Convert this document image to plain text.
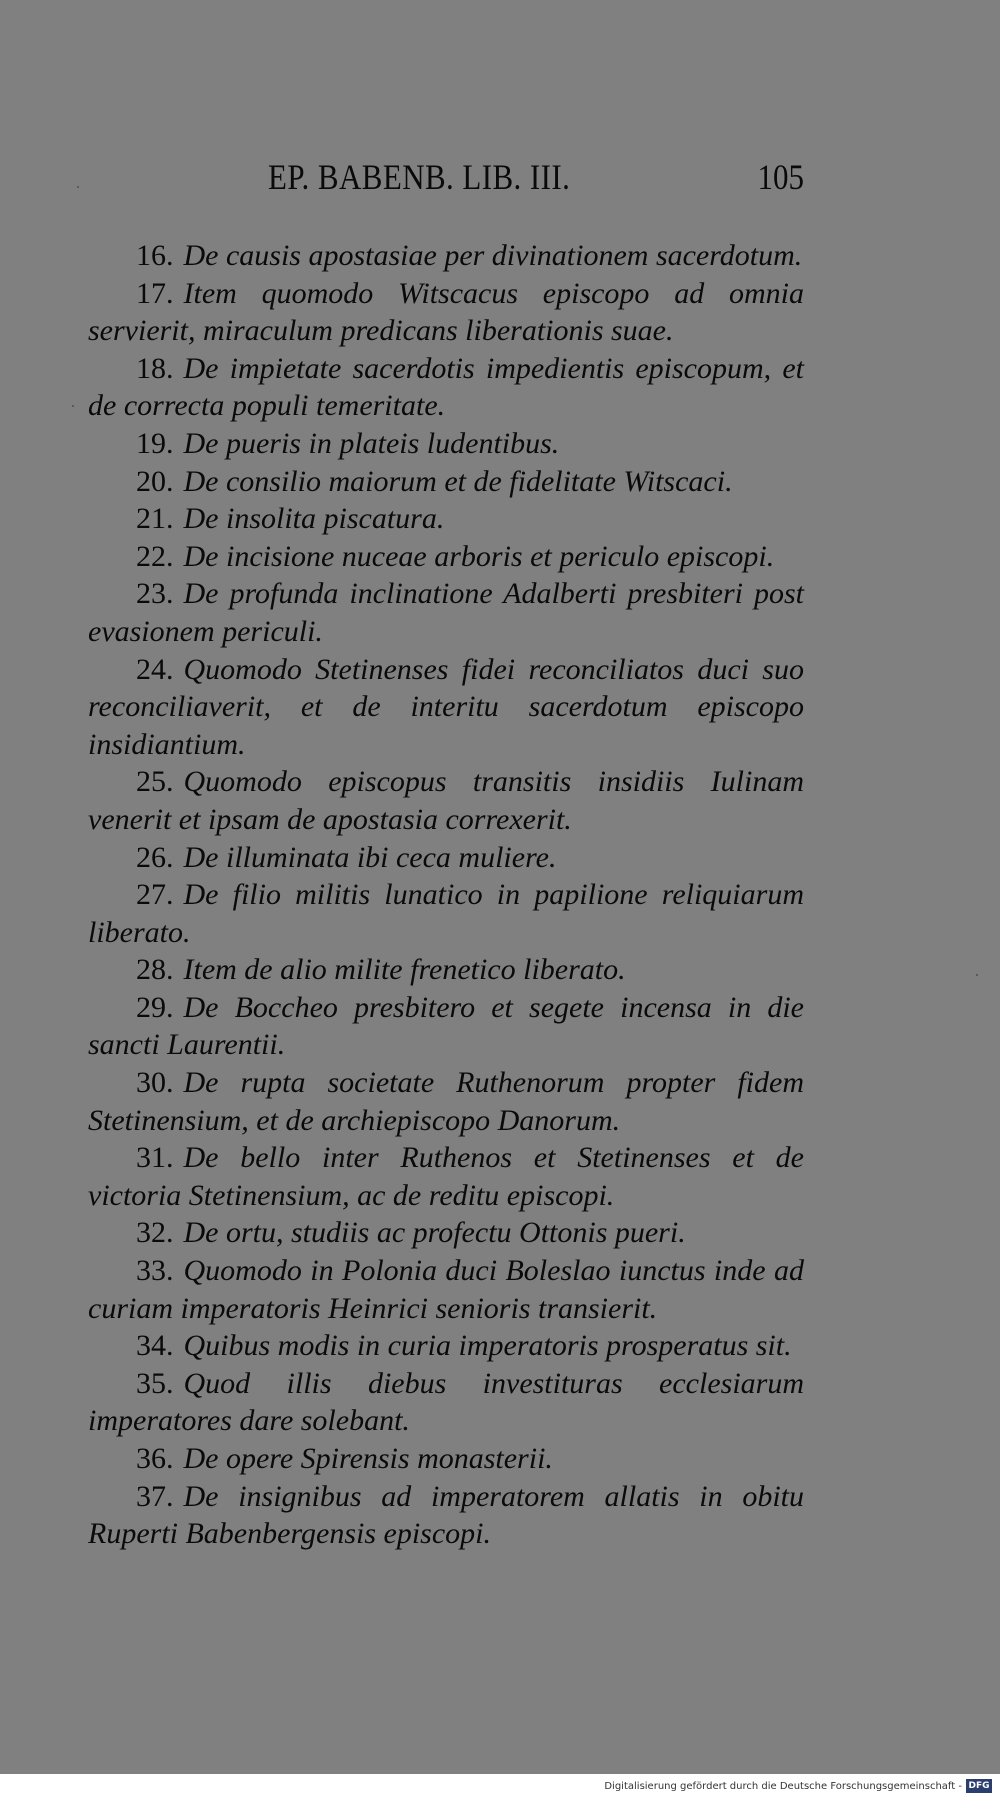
EP. BABENB. LIB. III.	105

16. De causis apostasiae per divinationem sacerdotum.

17. Item quomodo Witscacus episcopo ad omnia servierit, miraculum predicans liberationis suae.

18. De impietate sacerdotis impedientis episcopum, et de correcta populi temeritate.

19. De pueris in plateis ludentibus.

20. De consilio maiorum et de fidelitate Witscaci.

21. De insolita piscatura.

22. De incisione nuceae arboris et periculo episcopi.

23. De profunda inclinatione Adalberti presbiteri post evasionem periculi.

24. Quomodo Stetinenses fidei reconciliatos duci suo reconciliaverit, et de interitu sacerdotum episcopo insidiantium.

25. Quomodo episcopus transitis insidiis Iulinam venerit et ipsam de apostasia correxerit.

26. De illuminata ibi ceca muliere.

27. De filio militis lunatico in papilione reliquiarum liberato.

28. Item de alio milite frenetico liberato.

29. De Boccheo presbitero et segete incensa in die sancti Laurentii.

30. De rupta societate Ruthenorum propter fidem Stetinensium, et de archiepiscopo Danorum.

31. De bello inter Ruthenos et Stetinenses et de victoria Stetinensium, ac de reditu episcopi.

32. De ortu, studiis ac profectu Ottonis pueri.

33. Quomodo in Polonia duci Boleslao iunctus inde ad curiam imperatoris Heinrici senioris transierit.

34. Quibus modis in curia imperatoris prosperatus sit.

35. Quod illis diebus investituras ecclesiarum imperatores dare solebant.

36. De opere Spirensis monasterii.

37. De insignibus ad imperatorem allatis in obitu Ruperti Babenbergensis episcopi.

Digitalisierung gefördert durch die Deutsche Forschungsgemeinschaft - DFG
